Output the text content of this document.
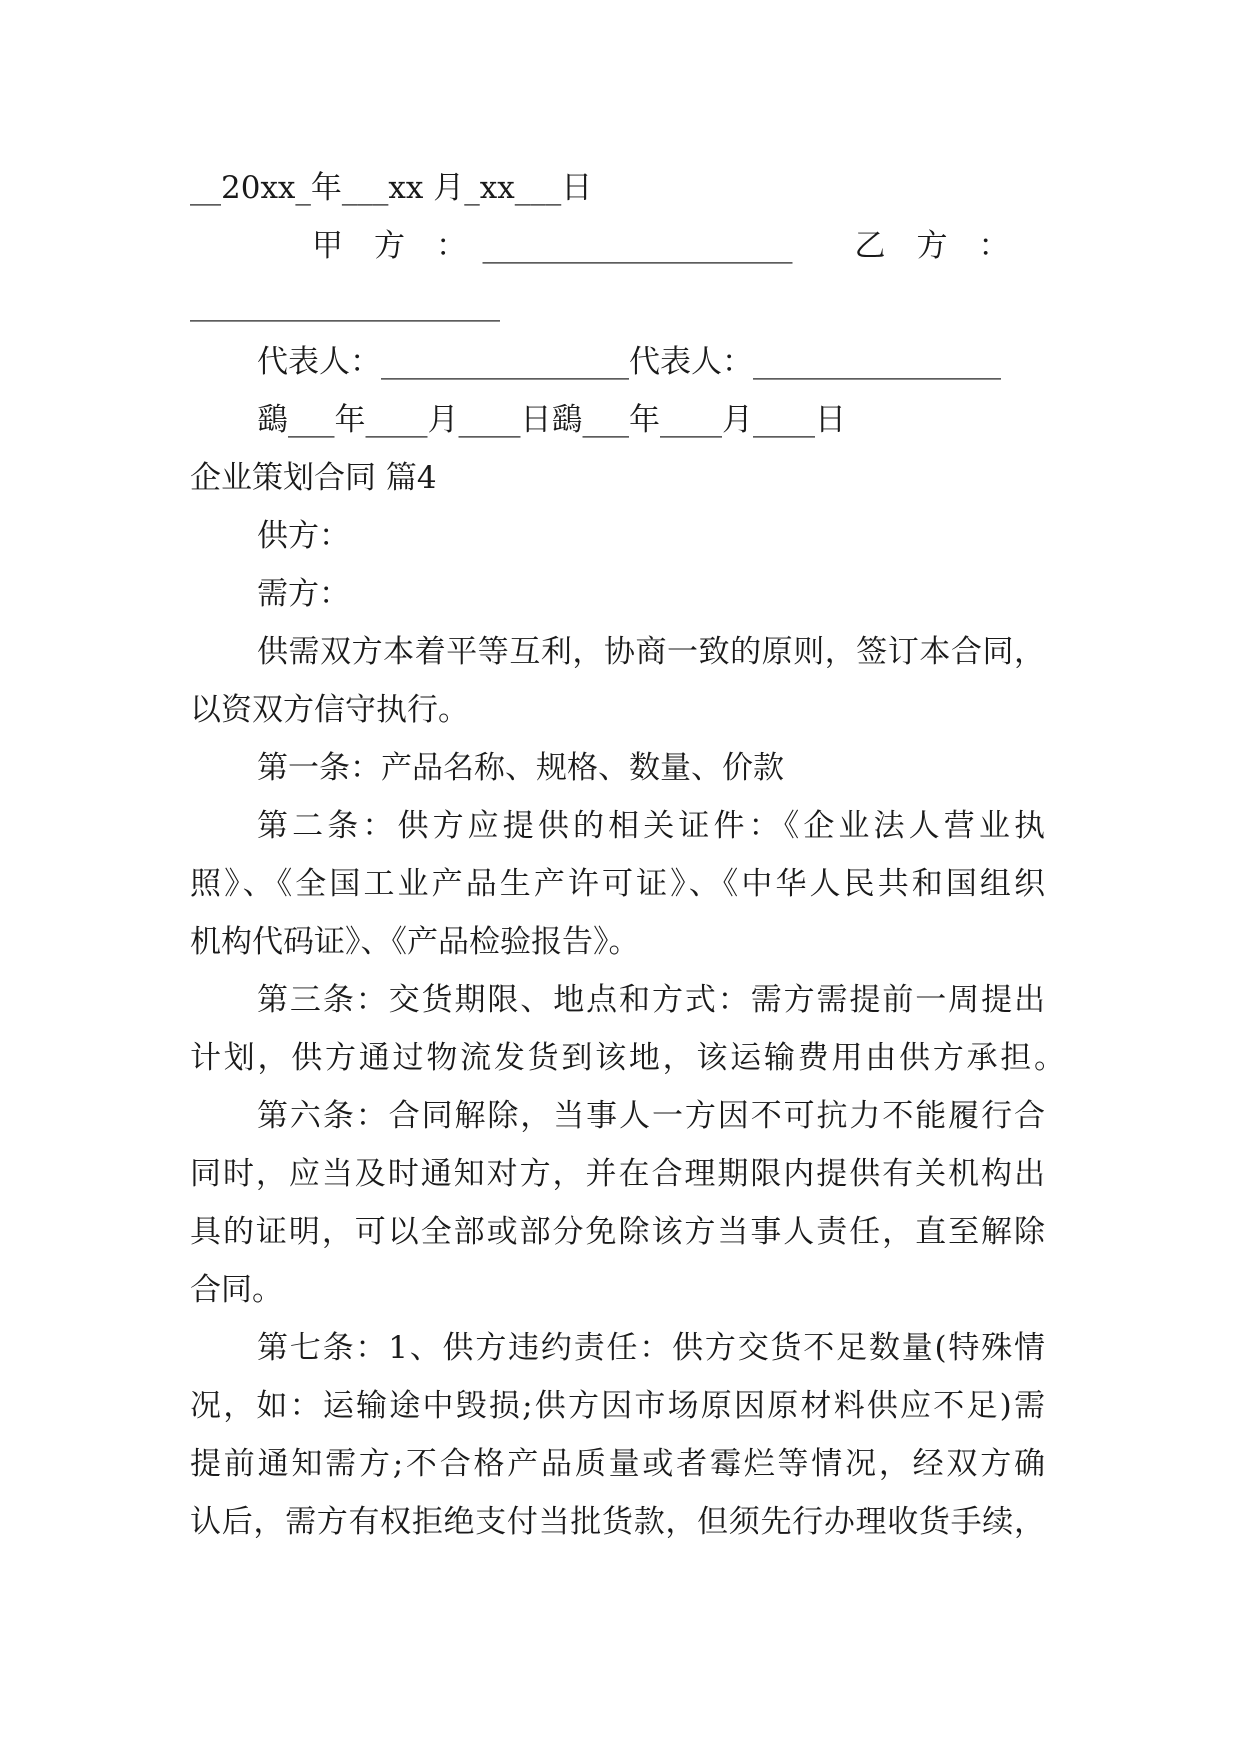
__20xx_年___xx 月_xx___日
甲　方　：　____________________　　乙　方　：
____________________
代表人：________________代表人：________________
鷂___年____月____日鷂___年____月____日
企业策划合同 篇4
供方：
需方：
供需双方本着平等互利，协商一致的原则，签订本合同，
以资双方信守执行。
第一条：产品名称、规格、数量、价款
第二条：供方应提供的相关证件：《企业法人营业执
照》、《全国工业产品生产许可证》、《中华人民共和国组织
机构代码证》、《产品检验报告》。
第三条：交货期限、地点和方式：需方需提前一周提出
计划，供方通过物流发货到该地，该运输费用由供方承担。
第六条：合同解除，当事人一方因不可抗力不能履行合
同时，应当及时通知对方，并在合理期限内提供有关机构出
具的证明，可以全部或部分免除该方当事人责任，直至解除
合同。
第七条：1、供方违约责任：供方交货不足数量(特殊情
况，如：运输途中毁损;供方因市场原因原材料供应不足)需
提前通知需方;不合格产品质量或者霉烂等情况，经双方确
认后，需方有权拒绝支付当批货款，但须先行办理收货手续，
